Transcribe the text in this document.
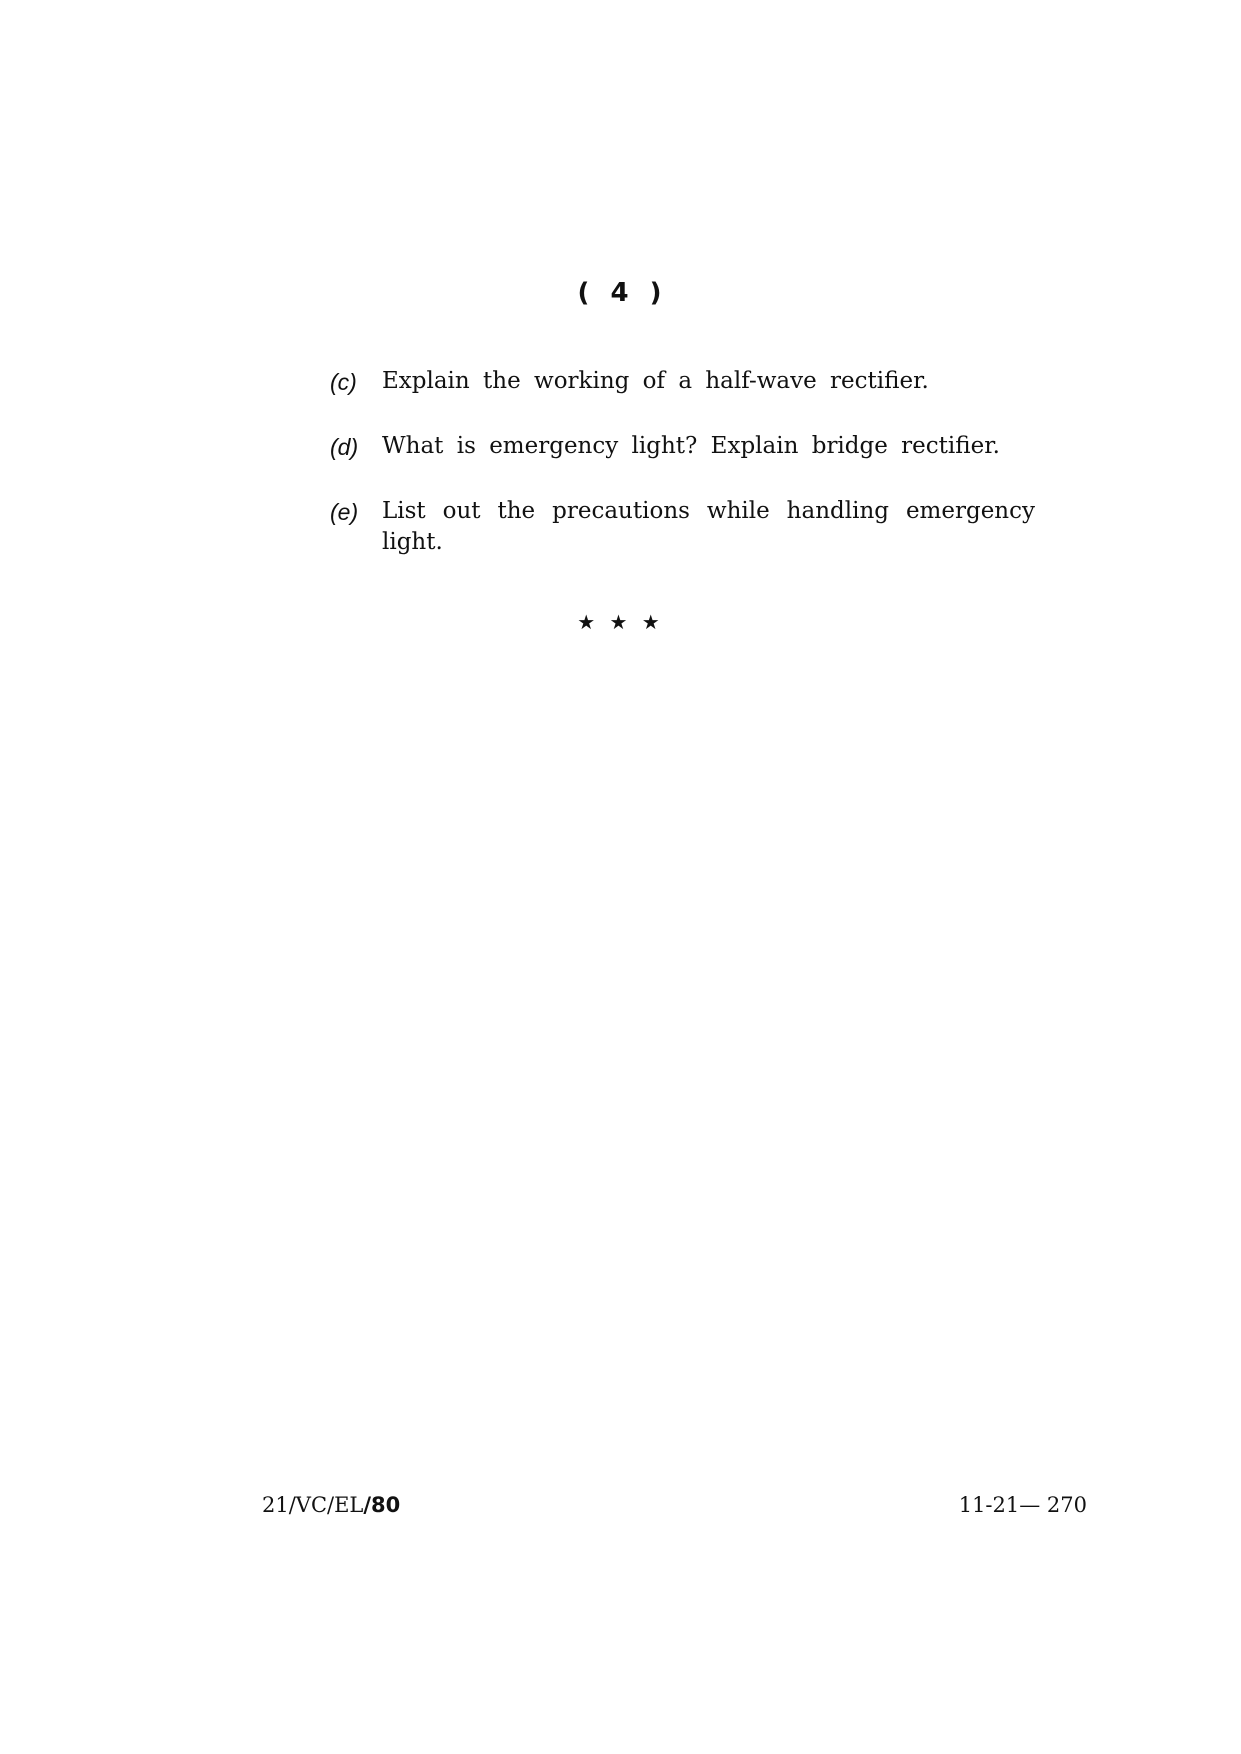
( 4 )
(c)	Explain the working of a half-wave rectifier.
(d)	What is emergency light? Explain bridge rectifier.
(e)	List out the precautions while handling emergency light.
★ ★ ★
21/VC/EL/80	11-21— 270
